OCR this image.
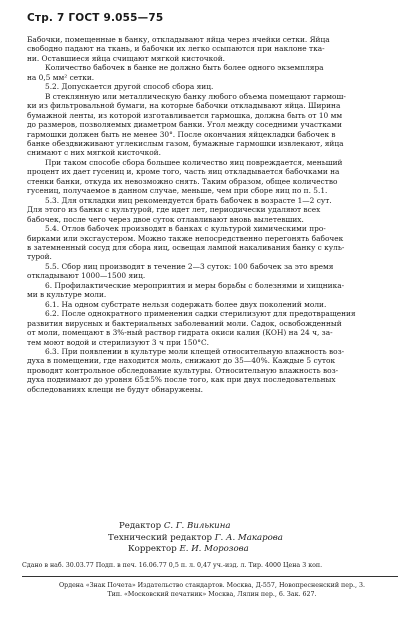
Стр. 7 ГОСТ 9.055—75
Бабочки, помещенные в банку, откладывают яйца через ячейки сетки. Яйца
свободно падают на ткань, и бабочки их легко ссыпаются при наклоне тка-
ни. Оставшиеся яйца счищают мягкой кисточкой.
Количество бабочек в банке не должно быть более одного экземпляра
на 0,5 мм² сетки.
5.2. Допускается другой способ сбора яиц.
В стеклянную или металлическую банку любого объема помещают гармош-
ки из фильтровальной бумаги, на которые бабочки откладывают яйца. Ширина
бумажной ленты, из которой изготавливается гармошка, должна быть от 10 мм
до размеров, позволяемых диаметром банки. Угол между соседними участками
гармошки должен быть не менее 30°. После окончания яйцекладки бабочек в
банке обездвиживают углекислым газом, бумажные гармошки извлекают, яйца
снимают с них мягкой кисточкой.
При таком способе сбора большее количество яиц повреждается, меньший
процент их дает гусениц и, кроме того, часть яиц откладывается бабочками на
стенки банки, откуда их невозможно снять. Таким образом, общее количество
гусениц, получаемое в данном случае, меньше, чем при сборе яиц по п. 5.1.
5.3. Для откладки яиц рекомендуется брать бабочек в возрасте 1—2 сут.
Для этого из банки с культурой, где идет лет, периодически удаляют всех
бабочек, после чего через двое суток отлавливают вновь вылетевших.
5.4. Отлов бабочек производят в банках с культурой химическими про-
бирками или эксгаустером. Можно также непосредственно перегонять бабочек
в затемненный сосуд для сбора яиц, освещая лампой накаливания банку с куль-
турой.
5.5. Сбор яиц производят в течение 2—3 суток: 100 бабочек за это время
откладывают 1000—1500 яиц.
6. Профилактические мероприятия и меры борьбы с болезнями и хищника-
ми в культуре моли.
6.1. На одном субстрате нельзя содержать более двух поколений моли.
6.2. После однократного применения садки стерилизуют для предотвращения
развития вирусных и бактериальных заболеваний моли. Садок, освобожденный
от моли, помещают в 3%-ный раствор гидрата окиси калия (КОН) на 24 ч, за-
тем моют водой и стерилизуют 3 ч при 150°С.
6.3. При появлении в культуре моли клещей относительную влажность воз-
духа в помещении, где находится моль, снижают до 35—40%. Каждые 5 суток
проводят контрольное обследование культуры. Относительную влажность воз-
духа поднимают до уровня 65±5% после того, как при двух последовательных
обследованиях клещи не будут обнаружены.
Редактор С. Г. Вилькина
Технический редактор Г. А. Макарова
Корректор Е. И. Морозова
Сдано в наб. 30.03.77 Подп. в печ. 16.06.77 0,5 п. л. 0,47 уч.-изд. л. Тир. 4000 Цена 3 коп.
Ордена «Знак Почета» Издательство стандартов. Москва, Д-557, Новопресненский пер., 3.
Тип. «Московский печатник» Москва, Лялин пер., 6. Зак. 627.
